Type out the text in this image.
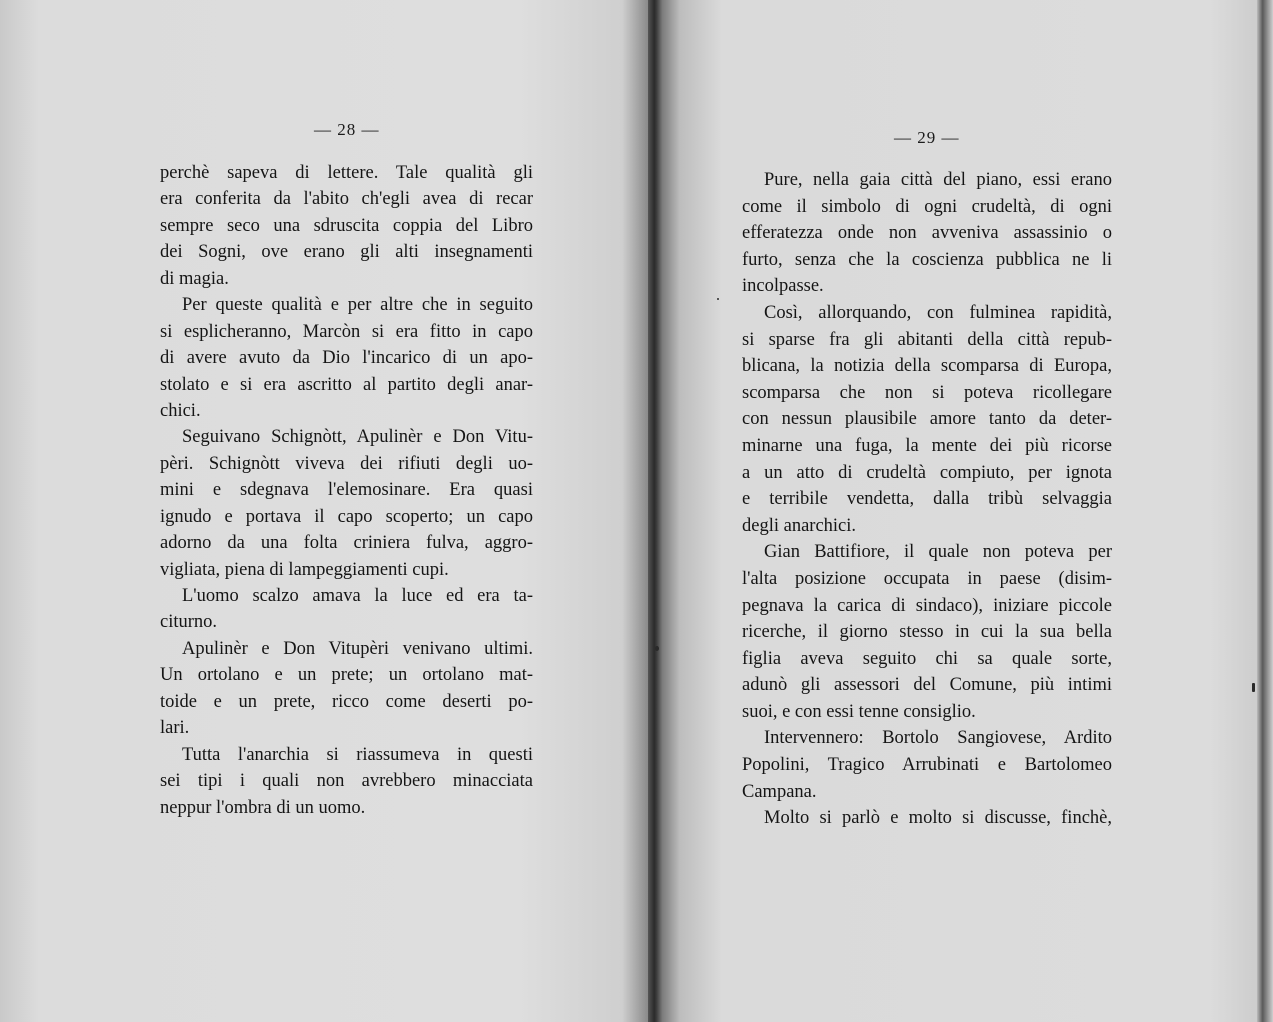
— 28 —
perchè sapeva di lettere. Tale qualità gli
era conferita da l'abito ch'egli avea di recar
sempre seco una sdruscita coppia del Libro
dei Sogni, ove erano gli alti insegnamenti
di magia.
Per queste qualità e per altre che in seguito
si esplicheranno, Marcòn si era fitto in capo
di avere avuto da Dio l'incarico di un apo-
stolato e si era ascritto al partito degli anar-
chici.
Seguivano Schignòtt, Apulinèr e Don Vitu-
pèri. Schignòtt viveva dei rifiuti degli uo-
mini e sdegnava l'elemosinare. Era quasi
ignudo e portava il capo scoperto; un capo
adorno da una folta criniera fulva, aggro-
vigliata, piena di lampeggiamenti cupi.
L'uomo scalzo amava la luce ed era ta-
citurno.
Apulinèr e Don Vitupèri venivano ultimi.
Un ortolano e un prete; un ortolano mat-
toide e un prete, ricco come deserti po-
lari.
Tutta l'anarchia si riassumeva in questi
sei tipi i quali non avrebbero minacciata
neppur l'ombra di un uomo.
— 29 —
Pure, nella gaia città del piano, essi erano
come il simbolo di ogni crudeltà, di ogni
efferatezza onde non avveniva assassinio o
furto, senza che la coscienza pubblica ne li
incolpasse.
Così, allorquando, con fulminea rapidità,
si sparse fra gli abitanti della città repub-
blicana, la notizia della scomparsa di Europa,
scomparsa che non si poteva ricollegare
con nessun plausibile amore tanto da deter-
minarne una fuga, la mente dei più ricorse
a un atto di crudeltà compiuto, per ignota
e terribile vendetta, dalla tribù selvaggia
degli anarchici.
Gian Battifiore, il quale non poteva per
l'alta posizione occupata in paese (disim-
pegnava la carica di sindaco), iniziare piccole
ricerche, il giorno stesso in cui la sua bella
figlia aveva seguito chi sa quale sorte,
adunò gli assessori del Comune, più intimi
suoi, e con essi tenne consiglio.
Intervennero: Bortolo Sangiovese, Ardito
Popolini, Tragico Arrubinati e Bartolomeo
Campana.
Molto si parlò e molto si discusse, finchè,
